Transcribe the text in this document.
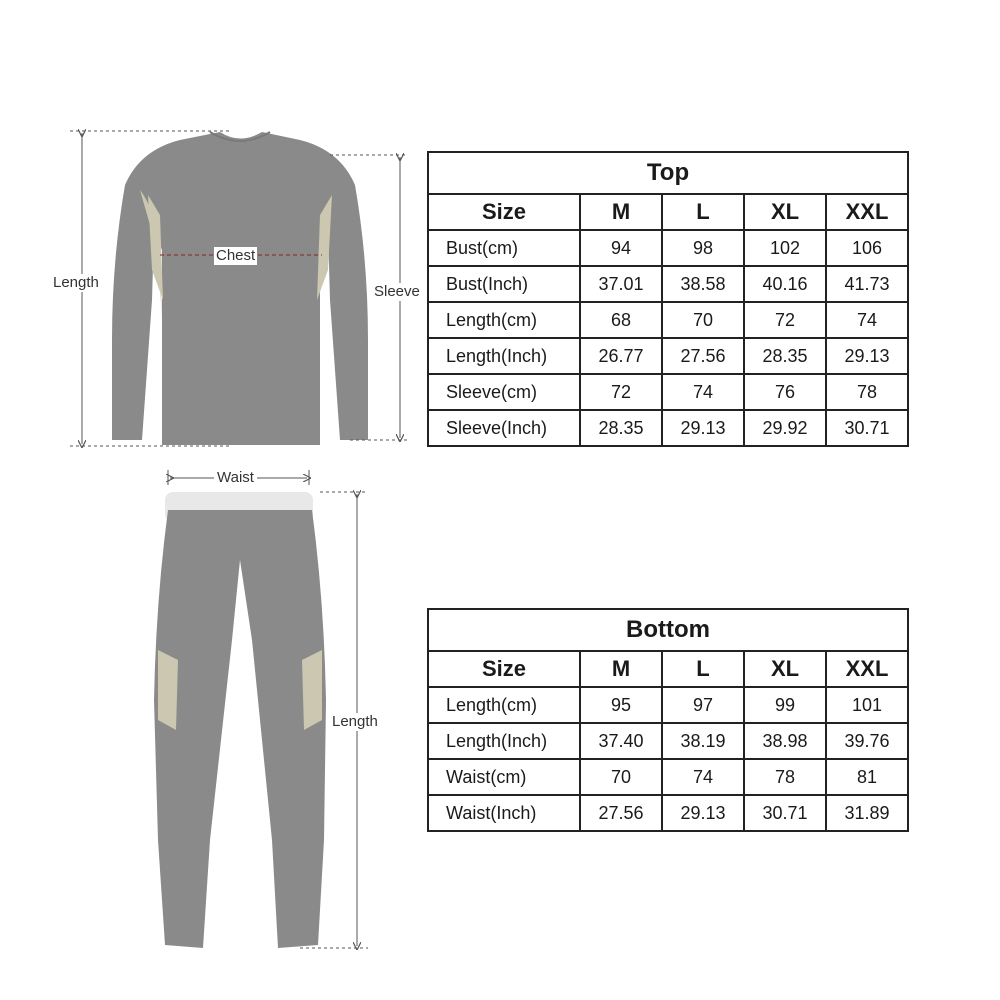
Length
Chest
Sleeve
Waist
Length
Top				
Size	M	L	XL	XXL
Bust(cm)	94	98	102	106
Bust(Inch)	37.01	38.58	40.16	41.73
Length(cm)	68	70	72	74
Length(Inch)	26.77	27.56	28.35	29.13
Sleeve(cm)	72	74	76	78
Sleeve(Inch)	28.35	29.13	29.92	30.71
Bottom				
Size	M	L	XL	XXL
Length(cm)	95	97	99	101
Length(Inch)	37.40	38.19	38.98	39.76
Waist(cm)	70	74	78	81
Waist(Inch)	27.56	29.13	30.71	31.89
